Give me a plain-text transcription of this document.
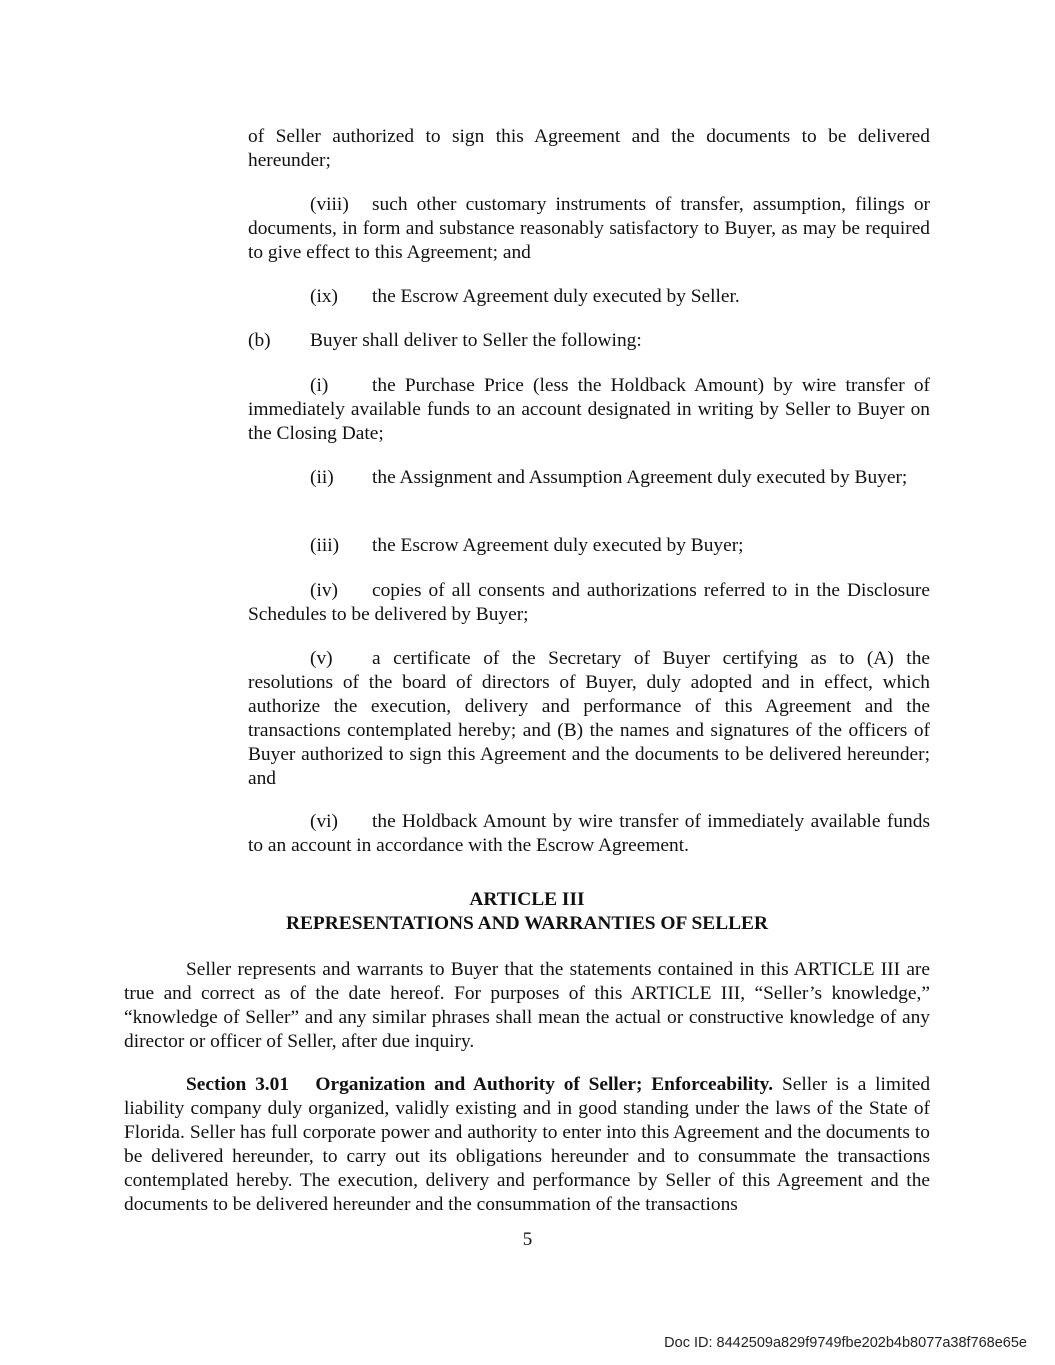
of Seller authorized to sign this Agreement and the documents to be delivered hereunder;

(viii) such other customary instruments of transfer, assumption, filings or documents, in form and substance reasonably satisfactory to Buyer, as may be required to give effect to this Agreement; and

(ix) the Escrow Agreement duly executed by Seller.

(b) Buyer shall deliver to Seller the following:

(i) the Purchase Price (less the Holdback Amount) by wire transfer of immediately available funds to an account designated in writing by Seller to Buyer on the Closing Date;

(ii) the Assignment and Assumption Agreement duly executed by Buyer;

(iii) the Escrow Agreement duly executed by Buyer;

(iv) copies of all consents and authorizations referred to in the Disclosure Schedules to be delivered by Buyer;

(v) a certificate of the Secretary of Buyer certifying as to (A) the resolutions of the board of directors of Buyer, duly adopted and in effect, which authorize the execution, delivery and performance of this Agreement and the transactions contemplated hereby; and (B) the names and signatures of the officers of Buyer authorized to sign this Agreement and the documents to be delivered hereunder; and

(vi) the Holdback Amount by wire transfer of immediately available funds to an account in accordance with the Escrow Agreement.

ARTICLE III
REPRESENTATIONS AND WARRANTIES OF SELLER

Seller represents and warrants to Buyer that the statements contained in this ARTICLE III are true and correct as of the date hereof. For purposes of this ARTICLE III, “Seller’s knowledge,” “knowledge of Seller” and any similar phrases shall mean the actual or constructive knowledge of any director or officer of Seller, after due inquiry.

Section 3.01 Organization and Authority of Seller; Enforceability. Seller is a limited liability company duly organized, validly existing and in good standing under the laws of the State of Florida. Seller has full corporate power and authority to enter into this Agreement and the documents to be delivered hereunder, to carry out its obligations hereunder and to consummate the transactions contemplated hereby. The execution, delivery and performance by Seller of this Agreement and the documents to be delivered hereunder and the consummation of the transactions

5
Doc ID: 8442509a829f9749fbe202b4b8077a38f768e65e
